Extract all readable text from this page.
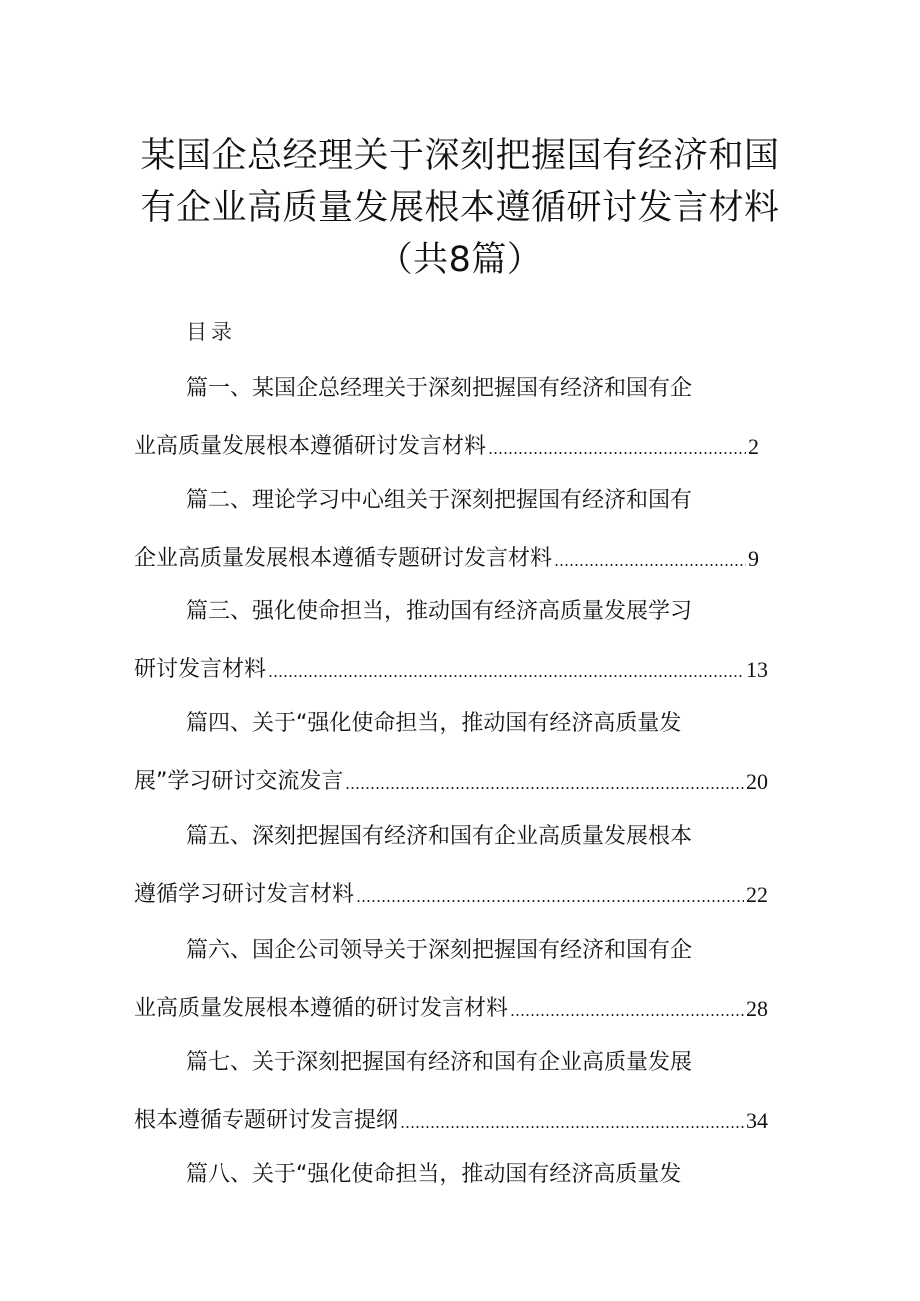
某国企总经理关于深刻把握国有经济和国
有企业高质量发展根本遵循研讨发言材料
（共8篇）
目录
篇一、某国企总经理关于深刻把握国有经济和国有企
业高质量发展根本遵循研讨发言材料	2
篇二、理论学习中心组关于深刻把握国有经济和国有
企业高质量发展根本遵循专题研讨发言材料	9
篇三、强化使命担当，推动国有经济高质量发展学习
研讨发言材料	13
篇四、关于“强化使命担当，推动国有经济高质量发
展”学习研讨交流发言	20
篇五、深刻把握国有经济和国有企业高质量发展根本
遵循学习研讨发言材料	22
篇六、国企公司领导关于深刻把握国有经济和国有企
业高质量发展根本遵循的研讨发言材料	28
篇七、关于深刻把握国有经济和国有企业高质量发展
根本遵循专题研讨发言提纲	34
篇八、关于“强化使命担当，推动国有经济高质量发
